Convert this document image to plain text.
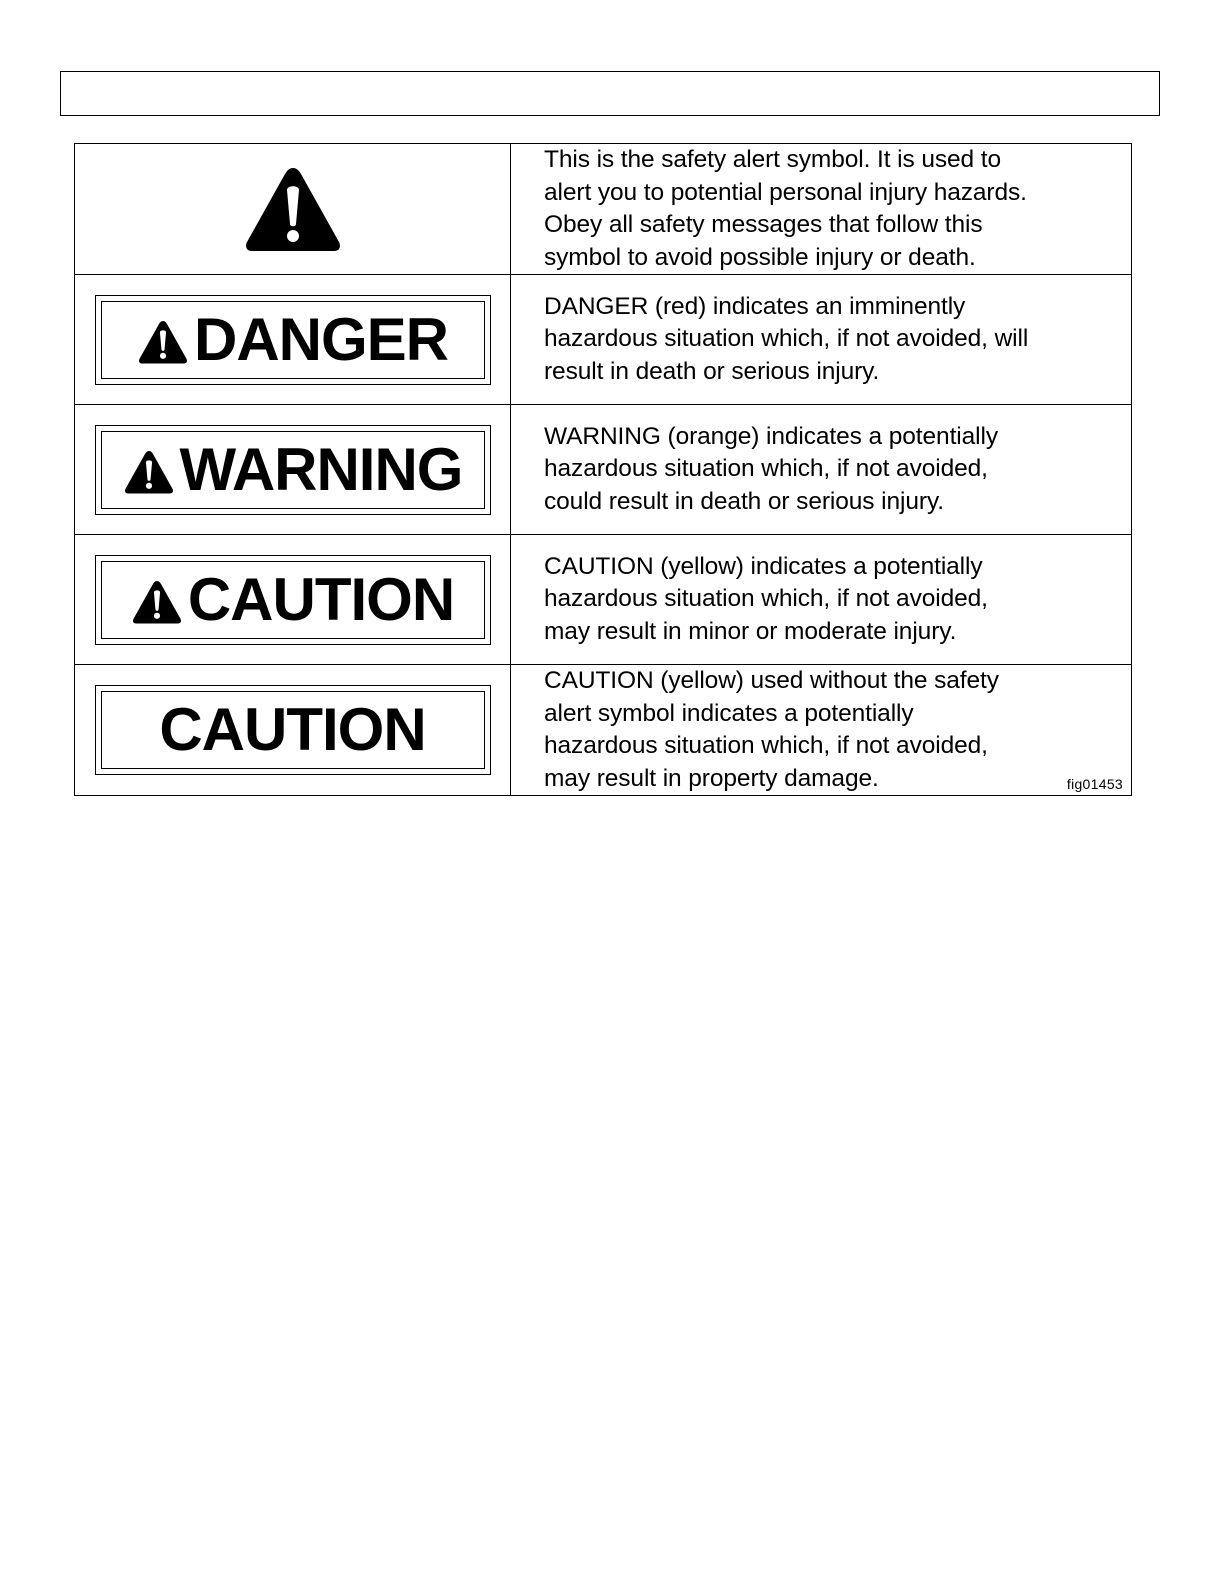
This is the safety alert symbol. It is used to
alert you to potential personal injury hazards.
Obey all safety messages that follow this
symbol to avoid possible injury or death.

DANGER	DANGER (red) indicates an imminently
hazardous situation which, if not avoided, will
result in death or serious injury.

WARNING	WARNING (orange) indicates a potentially
hazardous situation which, if not avoided,
could result in death or serious injury.

CAUTION	CAUTION (yellow) indicates a potentially
hazardous situation which, if not avoided,
may result in minor or moderate injury.

CAUTION	CAUTION (yellow) used without the safety
alert symbol indicates a potentially
hazardous situation which, if not avoided,
may result in property damage. fig01453
